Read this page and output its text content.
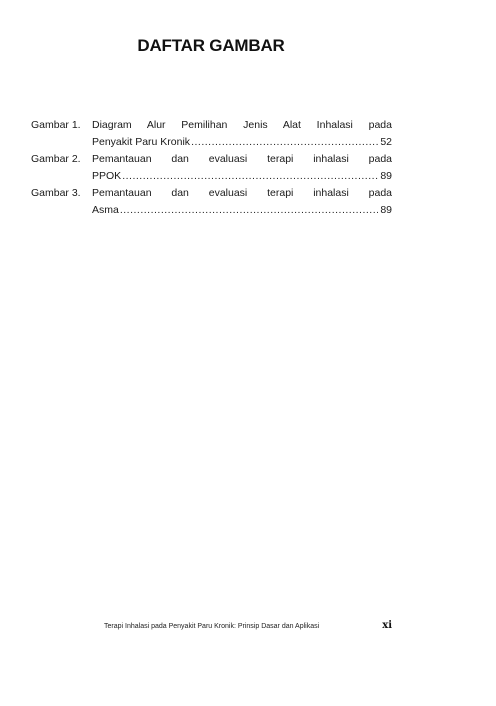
DAFTAR GAMBAR
Gambar 1.	Diagram Alur Pemilihan Jenis Alat Inhalasi pada
Penyakit Paru Kronik .....	52
Gambar 2.	Pemantauan dan evaluasi terapi inhalasi pada
PPOK .....	89
Gambar 3.	Pemantauan dan evaluasi terapi inhalasi pada
Asma .....	89
Terapi Inhalasi pada Penyakit Paru Kronik: Prinsip Dasar dan Aplikasi	xi
